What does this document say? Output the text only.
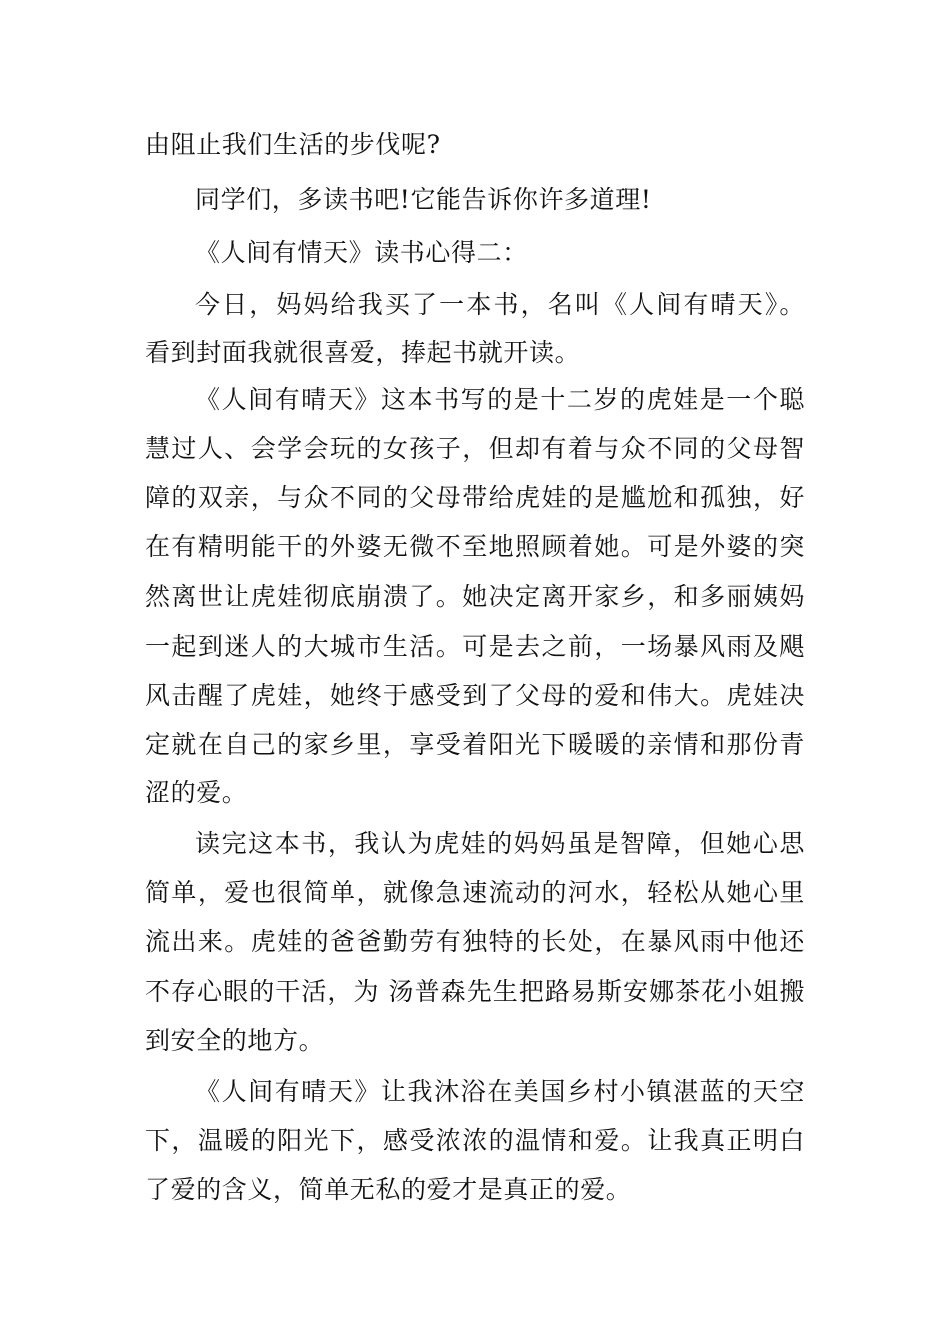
由阻止我们生活的步伐呢?
同学们，多读书吧!它能告诉你许多道理!
《人间有情天》读书心得二：
今日，妈妈给我买了一本书，名叫《人间有晴天》。
看到封面我就很喜爱，捧起书就开读。
《人间有晴天》这本书写的是十二岁的虎娃是一个聪
慧过人、会学会玩的女孩子，但却有着与众不同的父母智
障的双亲，与众不同的父母带给虎娃的是尴尬和孤独，好
在有精明能干的外婆无微不至地照顾着她。可是外婆的突
然离世让虎娃彻底崩溃了。她决定离开家乡，和多丽姨妈
一起到迷人的大城市生活。可是去之前，一场暴风雨及飓
风击醒了虎娃，她终于感受到了父母的爱和伟大。虎娃决
定就在自己的家乡里，享受着阳光下暖暖的亲情和那份青
涩的爱。
读完这本书，我认为虎娃的妈妈虽是智障，但她心思
简单，爱也很简单，就像急速流动的河水，轻松从她心里
流出来。虎娃的爸爸勤劳有独特的长处，在暴风雨中他还
不存心眼的干活，为 汤普森先生把路易斯安娜茶花小姐搬
到安全的地方。
《人间有晴天》让我沐浴在美国乡村小镇湛蓝的天空
下，温暖的阳光下，感受浓浓的温情和爱。让我真正明白
了爱的含义，简单无私的爱才是真正的爱。
